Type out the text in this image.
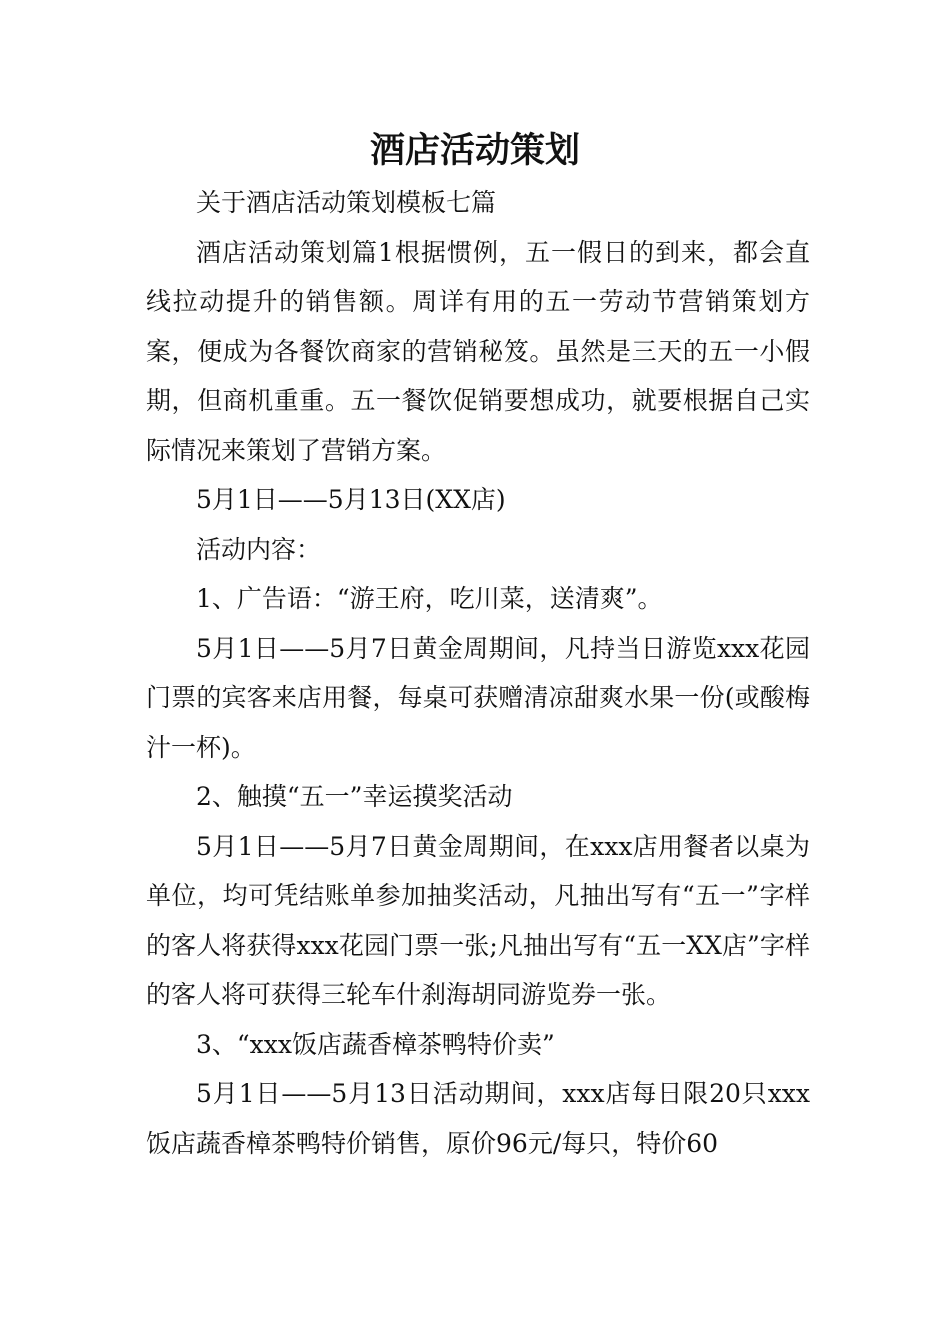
酒店活动策划

关于酒店活动策划模板七篇

酒店活动策划篇1根据惯例，五一假日的到来，都会直线拉动提升的销售额。周详有用的五一劳动节营销策划方案，便成为各餐饮商家的营销秘笈。虽然是三天的五一小假期，但商机重重。五一餐饮促销要想成功，就要根据自己实际情况来策划了营销方案。

5月1日——5月13日(XX店)

活动内容：

1、广告语：“游王府，吃川菜，送清爽”。

5月1日——5月7日黄金周期间，凡持当日游览xxx花园门票的宾客来店用餐，每桌可获赠清凉甜爽水果一份(或酸梅汁一杯)。

2、触摸“五一”幸运摸奖活动

5月1日——5月7日黄金周期间，在xxx店用餐者以桌为单位，均可凭结账单参加抽奖活动，凡抽出写有“五一”字样的客人将获得xxx花园门票一张;凡抽出写有“五一XX店”字样的客人将可获得三轮车什刹海胡同游览券一张。

3、“xxx饭店蔬香樟茶鸭特价卖”

5月1日——5月13日活动期间，xxx店每日限20只xxx饭店蔬香樟茶鸭特价销售，原价96元/每只，特价60
